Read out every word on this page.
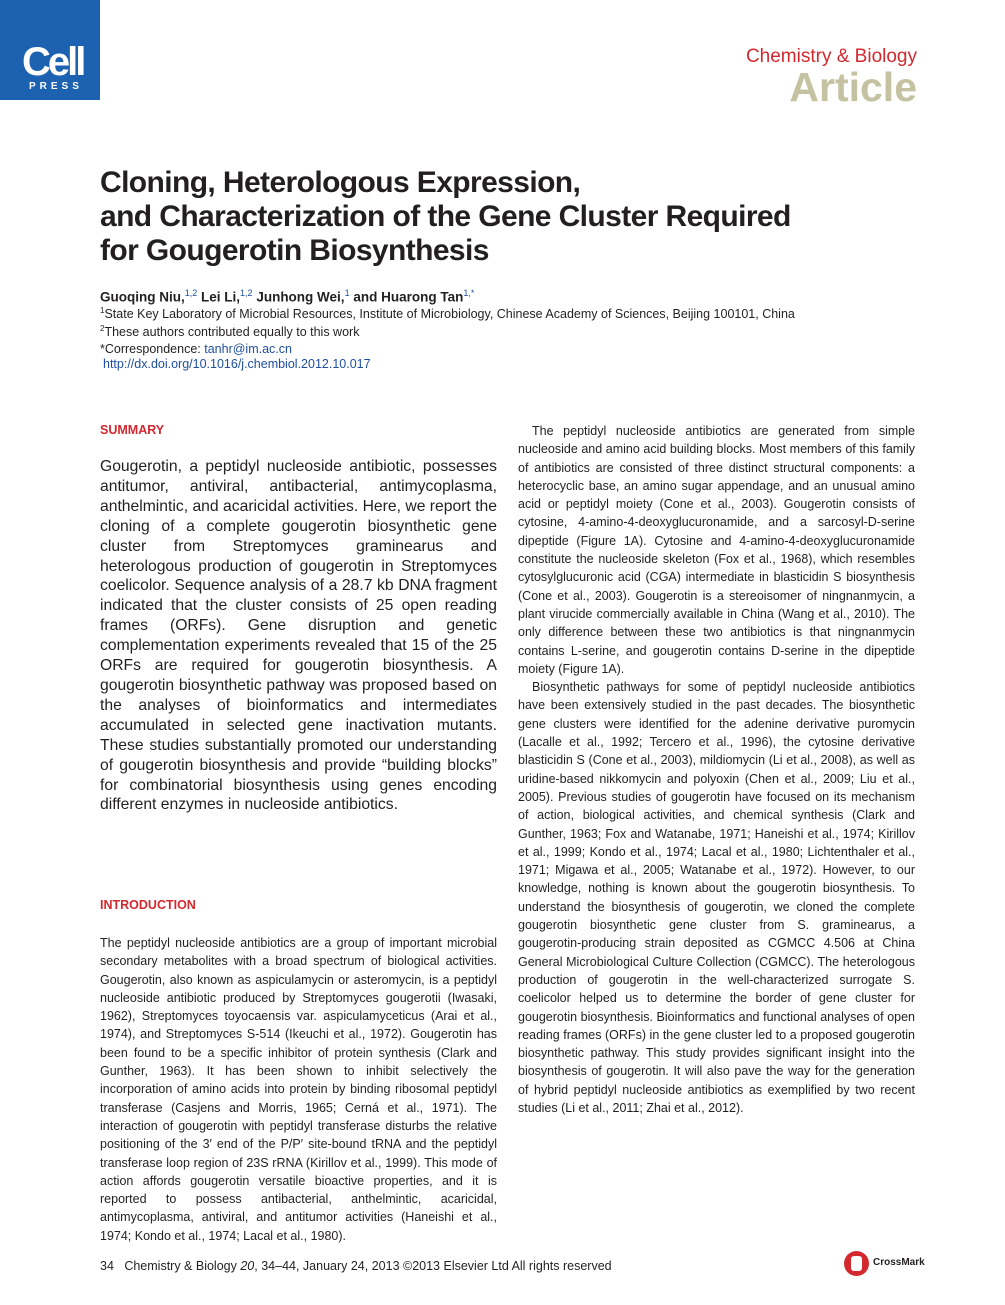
Cell
PRESS
Chemistry & Biology
Article
Cloning, Heterologous Expression,
and Characterization of the Gene Cluster Required
for Gougerotin Biosynthesis
Guoqing Niu,$^{1,2}$ Lei Li,$^{1,2}$ Junhong Wei,$^1$ and Huarong Tan$^{1,*}$
$^1$State Key Laboratory of Microbial Resources, Institute of Microbiology, Chinese Academy of Sciences, Beijing 100101, China
$^2$These authors contributed equally to this work
*Correspondence: tanhr@im.ac.cn
http://dx.doi.org/10.1016/j.chembiol.2012.10.017
SUMMARY
Gougerotin, a peptidyl nucleoside antibiotic, possesses antitumor, antiviral, antibacterial, antimycoplasma, anthelmintic, and acaricidal activities. Here, we report the cloning of a complete gougerotin biosynthetic gene cluster from Streptomyces graminearus and heterologous production of gougerotin in Streptomyces coelicolor. Sequence analysis of a 28.7 kb DNA fragment indicated that the cluster consists of 25 open reading frames (ORFs). Gene disruption and genetic complementation experiments revealed that 15 of the 25 ORFs are required for gougerotin biosynthesis. A gougerotin biosynthetic pathway was proposed based on the analyses of bioinformatics and intermediates accumulated in selected gene inactivation mutants. These studies substantially promoted our understanding of gougerotin biosynthesis and provide “building blocks” for combinatorial biosynthesis using genes encoding different enzymes in nucleoside antibiotics.
INTRODUCTION

The peptidyl nucleoside antibiotics are a group of important microbial secondary metabolites with a broad spectrum of biological activities. Gougerotin, also known as aspiculamycin or asteromycin, is a peptidyl nucleoside antibiotic produced by Streptomyces gougerotii (Iwasaki, 1962), Streptomyces toyocaensis var. aspiculamyceticus (Arai et al., 1974), and Streptomyces S-514 (Ikeuchi et al., 1972). Gougerotin has been found to be a specific inhibitor of protein synthesis (Clark and Gunther, 1963). It has been shown to inhibit selectively the incorporation of amino acids into protein by binding ribosomal peptidyl transferase (Casjens and Morris, 1965; Cerná et al., 1971). The interaction of gougerotin with peptidyl transferase disturbs the relative positioning of the 3′ end of the P/P′ site-bound tRNA and the peptidyl transferase loop region of 23S rRNA (Kirillov et al., 1999). This mode of action affords gougerotin versatile bioactive properties, and it is reported to possess antibacterial, anthelmintic, acaricidal, antimycoplasma, antiviral, and antitumor activities (Haneishi et al., 1974; Kondo et al., 1974; Lacal et al., 1980).

The peptidyl nucleoside antibiotics are generated from simple nucleoside and amino acid building blocks. Most members of this family of antibiotics are consisted of three distinct structural components: a heterocyclic base, an amino sugar appendage, and an unusual amino acid or peptidyl moiety (Cone et al., 2003). Gougerotin consists of cytosine, 4-amino-4-deoxyglucuronamide, and a sarcosyl-D-serine dipeptide (Figure 1A). Cytosine and 4-amino-4-deoxyglucuronamide constitute the nucleoside skeleton (Fox et al., 1968), which resembles cytosylglucuronic acid (CGA) intermediate in blasticidin S biosynthesis (Cone et al., 2003). Gougerotin is a stereoisomer of ningnanmycin, a plant virucide commercially available in China (Wang et al., 2010). The only difference between these two antibiotics is that ningnanmycin contains L-serine, and gougerotin contains D-serine in the dipeptide moiety (Figure 1A).

Biosynthetic pathways for some of peptidyl nucleoside antibiotics have been extensively studied in the past decades. The biosynthetic gene clusters were identified for the adenine derivative puromycin (Lacalle et al., 1992; Tercero et al., 1996), the cytosine derivative blasticidin S (Cone et al., 2003), mildiomycin (Li et al., 2008), as well as uridine-based nikkomycin and polyoxin (Chen et al., 2009; Liu et al., 2005). Previous studies of gougerotin have focused on its mechanism of action, biological activities, and chemical synthesis (Clark and Gunther, 1963; Fox and Watanabe, 1971; Haneishi et al., 1974; Kirillov et al., 1999; Kondo et al., 1974; Lacal et al., 1980; Lichtenthaler et al., 1971; Migawa et al., 2005; Watanabe et al., 1972). However, to our knowledge, nothing is known about the gougerotin biosynthesis. To understand the biosynthesis of gougerotin, we cloned the complete gougerotin biosynthetic gene cluster from S. graminearus, a gougerotin-producing strain deposited as CGMCC 4.506 at China General Microbiological Culture Collection (CGMCC). The heterologous production of gougerotin in the well-characterized surrogate S. coelicolor helped us to determine the border of gene cluster for gougerotin biosynthesis. Bioinformatics and functional analyses of open reading frames (ORFs) in the gene cluster led to a proposed gougerotin biosynthetic pathway. This study provides significant insight into the biosynthesis of gougerotin. It will also pave the way for the generation of hybrid peptidyl nucleoside antibiotics as exemplified by two recent studies (Li et al., 2011; Zhai et al., 2012).

34 Chemistry & Biology 20, 34–44, January 24, 2013 ©2013 Elsevier Ltd All rights reserved	CrossMark
